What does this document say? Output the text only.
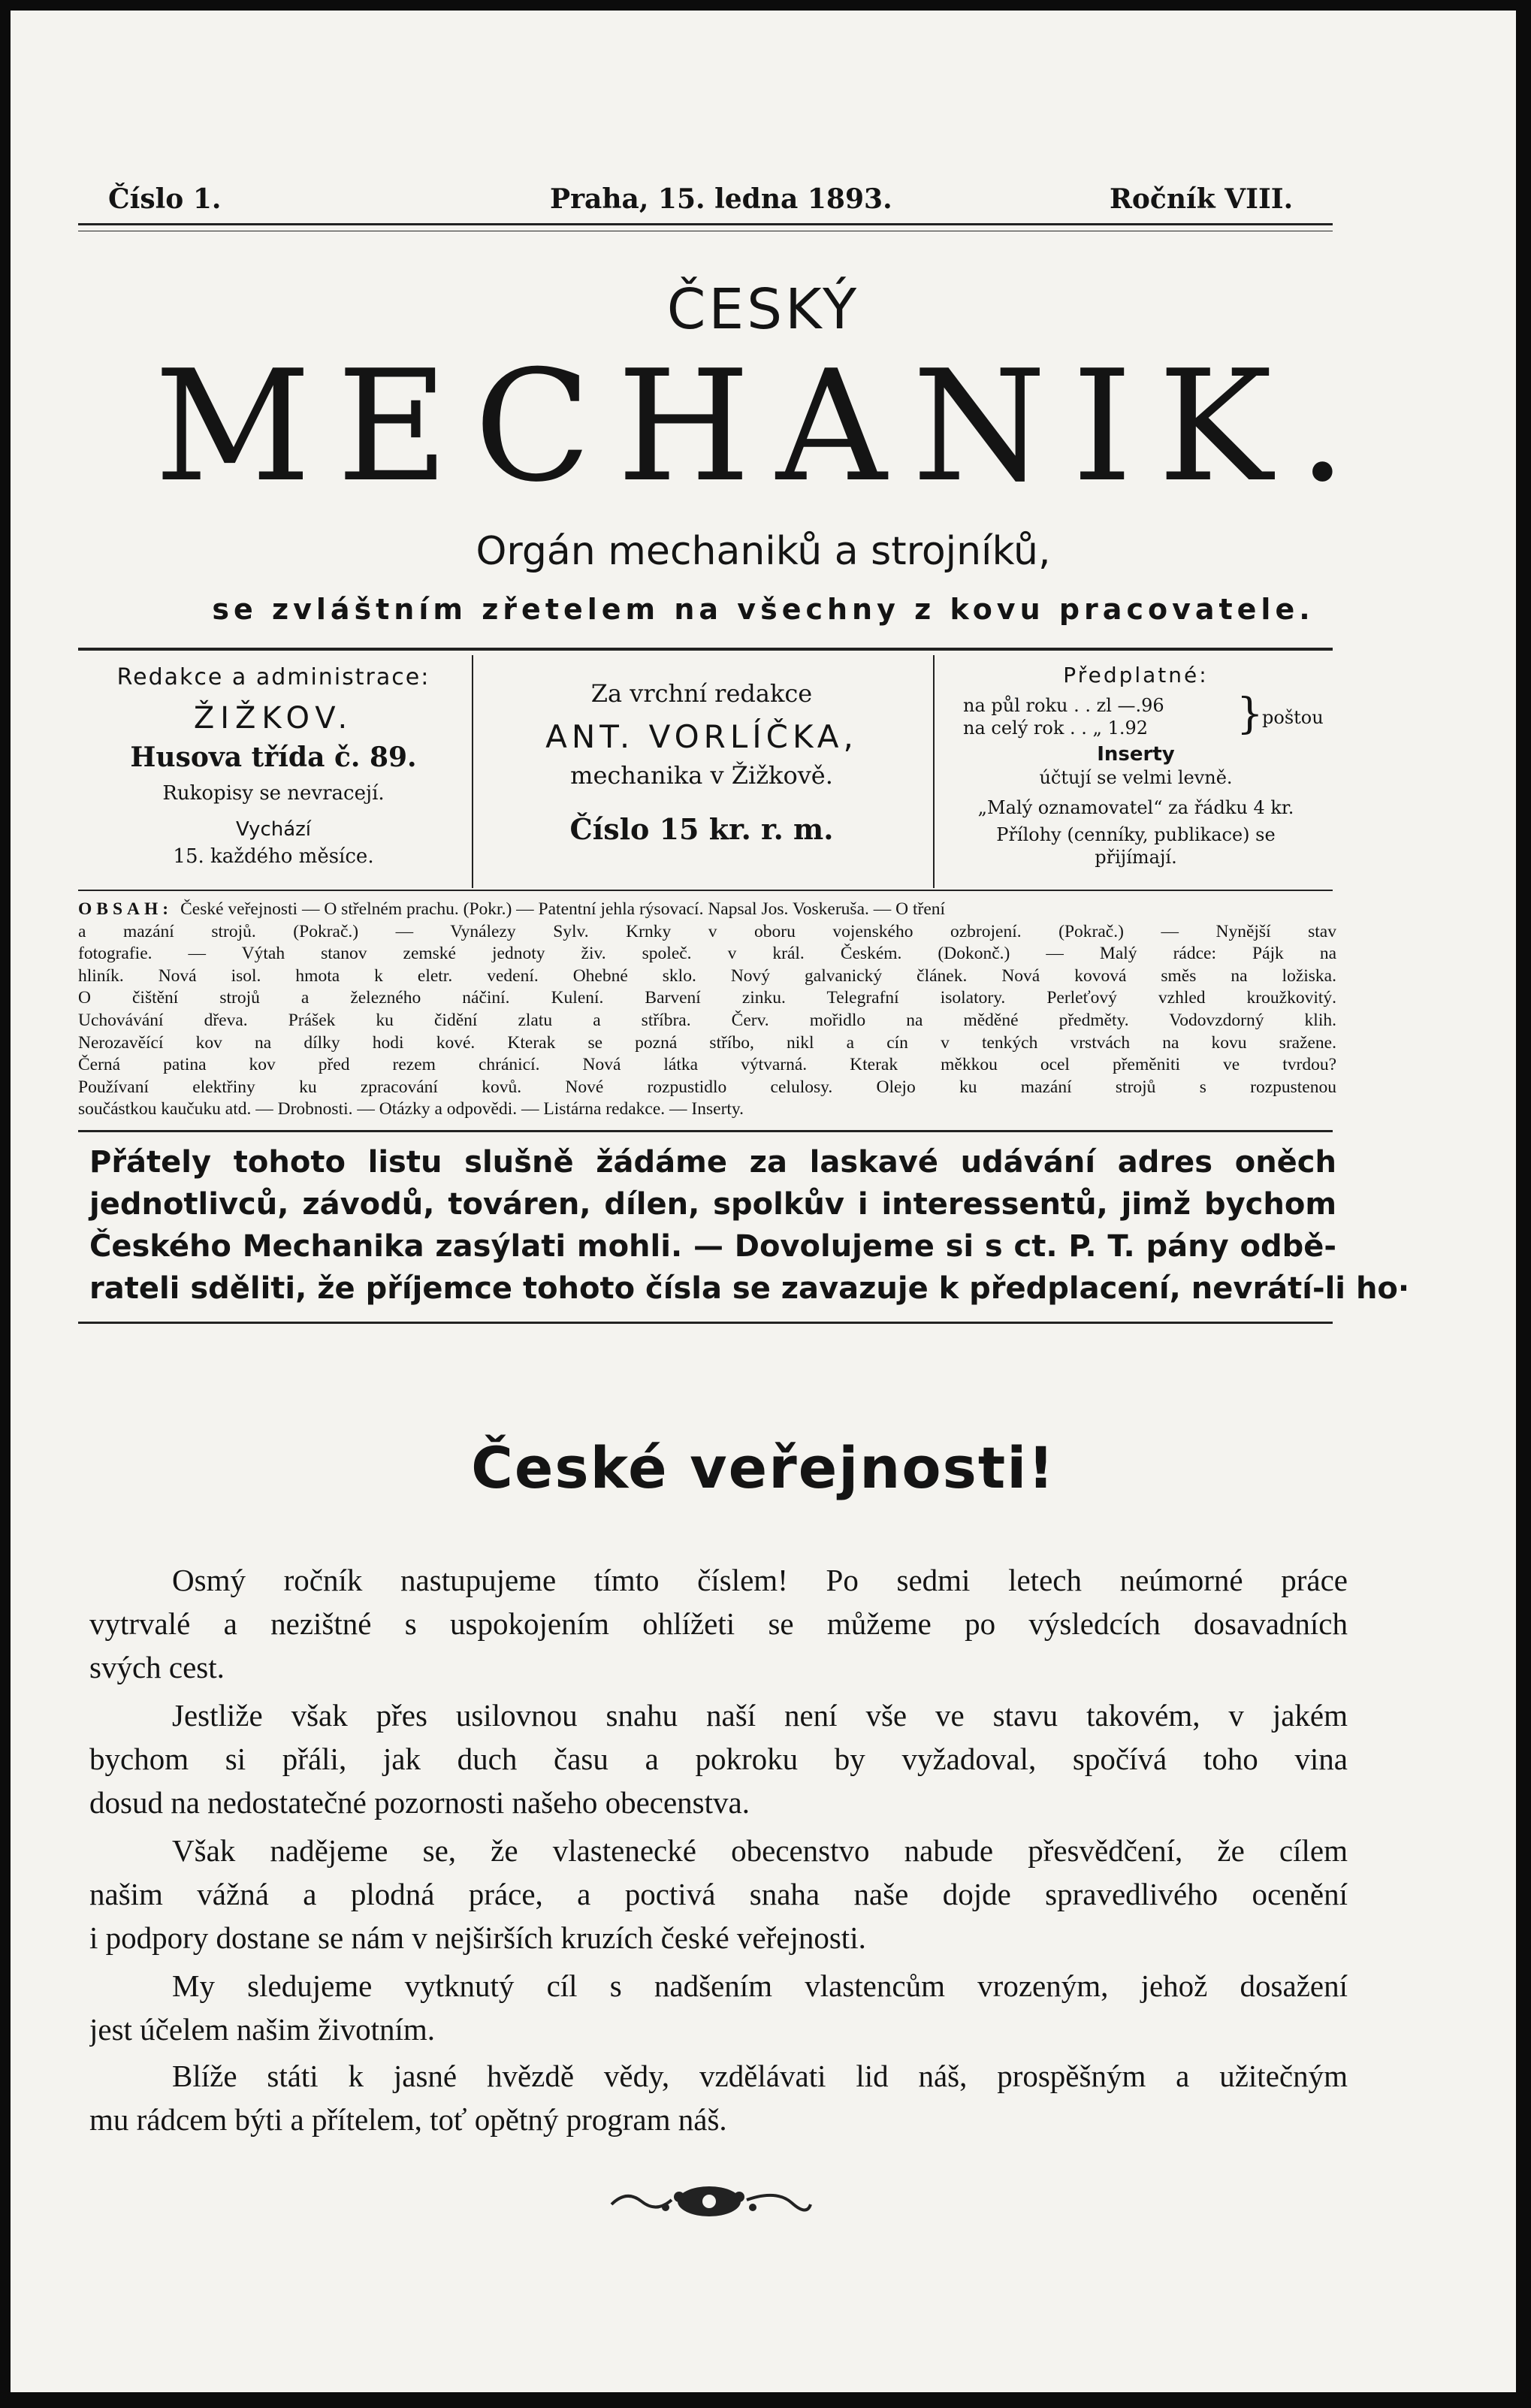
Číslo 1.	Praha, 15. ledna 1893.	Ročník VIII.
ČESKÝ
MECHANIK.
Orgán mechaniků a strojníků,
se zvláštním zřetelem na všechny z kovu pracovatele.
Redakce a administrace:
ŽIŽKOV.
Husova třída č. 89.
Rukopisy se nevracejí.
Vychází
15. každého měsíce.
Za vrchní redakce
ANT. VORLÍČKA,
mechanika v Žižkově.
Číslo 15 kr. r. m.
Předplatné:
na půl roku . . zl —.96
na celý rok . . „ 1.92 }
poštou
Inserty
účtují se velmi levně.
„Malý oznamovatel“ za řádku 4 kr.
Přílohy (cenníky, publikace) se
přijímají.
OBSAH: České veřejnosti — O střelném prachu. (Pokr.) — Patentní jehla rýsovací. Napsal Jos. Voskeruša. — O tření
a mazání strojů. (Pokrač.) — Vynálezy Sylv. Krnky v oboru vojenského ozbrojení. (Pokrač.) — Nynější stav
fotografie. — Výtah stanov zemské jednoty živ. společ. v král. Českém. (Dokonč.) — Malý rádce: Pájk na
hliník. Nová isol. hmota k eletr. vedení. Ohebné sklo. Nový galvanický článek. Nová kovová směs na ložiska.
O čištění strojů a železného náčiní. Kulení. Barvení zinku. Telegrafní isolatory. Perleťový vzhled kroužkovitý.
Uchovávání dřeva. Prášek ku čidění zlatu a stříbra. Červ. mořidlo na měděné předměty. Vodovzdorný klih.
Nerozavěící kov na dílky hodi kové. Kterak se pozná stříbo, nikl a cín v tenkých vrstvách na kovu sražene.
Černá patina kov před rezem chránicí. Nová látka výtvarná. Kterak měkkou ocel přeměniti ve tvrdou?
Používaní elektřiny ku zpracování kovů. Nové rozpustidlo celulosy. Olejo ku mazání strojů s rozpustenou
součástkou kaučuku atd. — Drobnosti. — Otázky a odpovědi. — Listárna redakce. — Inserty.
Přátely tohoto listu slušně žádáme za laskavé udávání adres oněch
jednotlivců, závodů, továren, dílen, spolkův i interessentů, jimž bychom
Českého Mechanika zasýlati mohli. — Dovolujeme si s ct. P. T. pány odbě-
rateli sděliti, že příjemce tohoto čísla se zavazuje k předplacení, nevrátí-li ho·
České veřejnosti!
Osmý ročník nastupujeme tímto číslem! Po sedmi letech neúmorné práce
vytrvalé a nezištné s uspokojením ohlížeti se můžeme po výsledcích dosavadních
svých cest.
Jestliže však přes usilovnou snahu naší není vše ve stavu takovém, v jakém
bychom si přáli, jak duch času a pokroku by vyžadoval, spočívá toho vina
dosud na nedostatečné pozornosti našeho obecenstva.
Však nadějeme se, že vlastenecké obecenstvo nabude přesvědčení, že cílem
našim vážná a plodná práce, a poctivá snaha naše dojde spravedlivého ocenění
i podpory dostane se nám v nejširších kruzích české veřejnosti.
My sledujeme vytknutý cíl s nadšením vlastencům vrozeným, jehož dosažení
jest účelem našim životním.
Blíže státi k jasné hvězdě vědy, vzdělávati lid náš, prospěšným a užitečným
mu rádcem býti a přítelem, toť opětný program náš.
